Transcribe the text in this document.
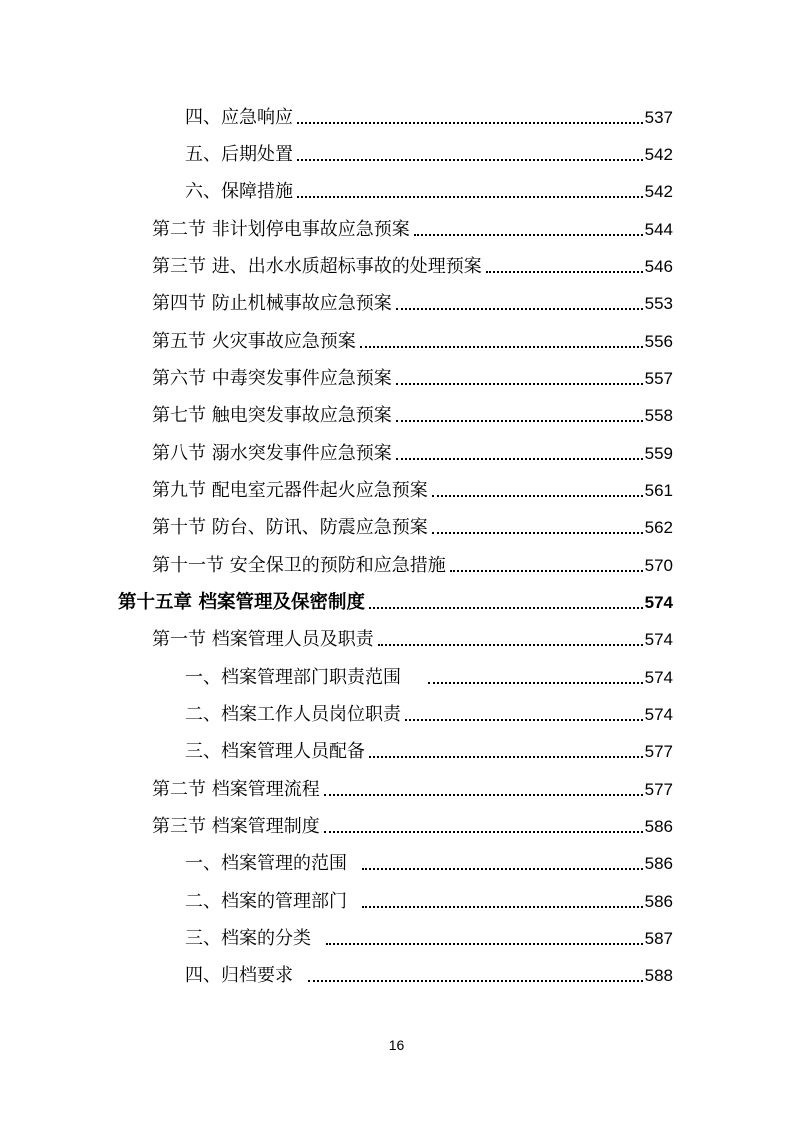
四、应急响应	537
五、后期处置	542
六、保障措施	542
第二节 非计划停电事故应急预案	544
第三节 进、出水水质超标事故的处理预案	546
第四节 防止机械事故应急预案	553
第五节 火灾事故应急预案	556
第六节 中毒突发事件应急预案	557
第七节 触电突发事故应急预案	558
第八节 溺水突发事件应急预案	559
第九节 配电室元器件起火应急预案	561
第十节 防台、防讯、防震应急预案	562
第十一节 安全保卫的预防和应急措施	570
第十五章 档案管理及保密制度	574
第一节 档案管理人员及职责	574
一、档案管理部门职责范围	574
二、档案工作人员岗位职责	574
三、档案管理人员配备	577
第二节 档案管理流程	577
第三节 档案管理制度	586
一、档案管理的范围	586
二、档案的管理部门	586
三、档案的分类	587
四、归档要求	588
16
